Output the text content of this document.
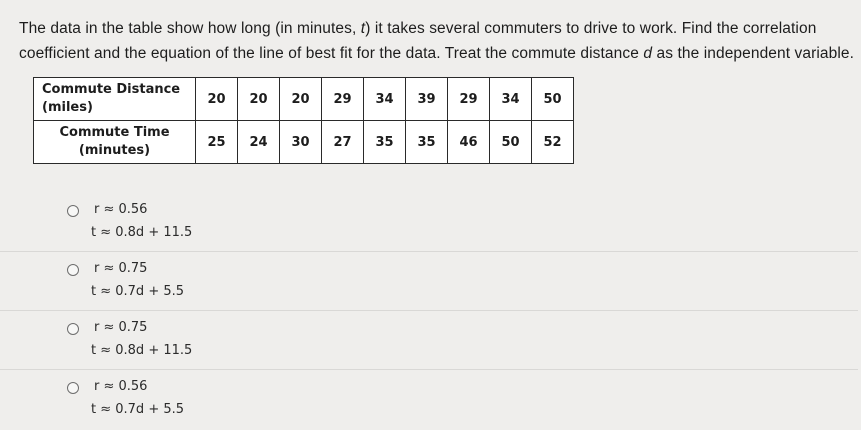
The data in the table show how long (in minutes, t) it takes several commuters to drive to work. Find the correlation coefficient and the equation of the line of best fit for the data. Treat the commute distance d as the independent variable.
Commute Distance (miles)	20	20	20	29	34	39	29	34	50
Commute Time (minutes)	25	24	30	27	35	35	46	50	52
r ≈ 0.56
t ≈ 0.8d + 11.5
r ≈ 0.75
t ≈ 0.7d + 5.5
r ≈ 0.75
t ≈ 0.8d + 11.5
r ≈ 0.56
t ≈ 0.7d + 5.5
